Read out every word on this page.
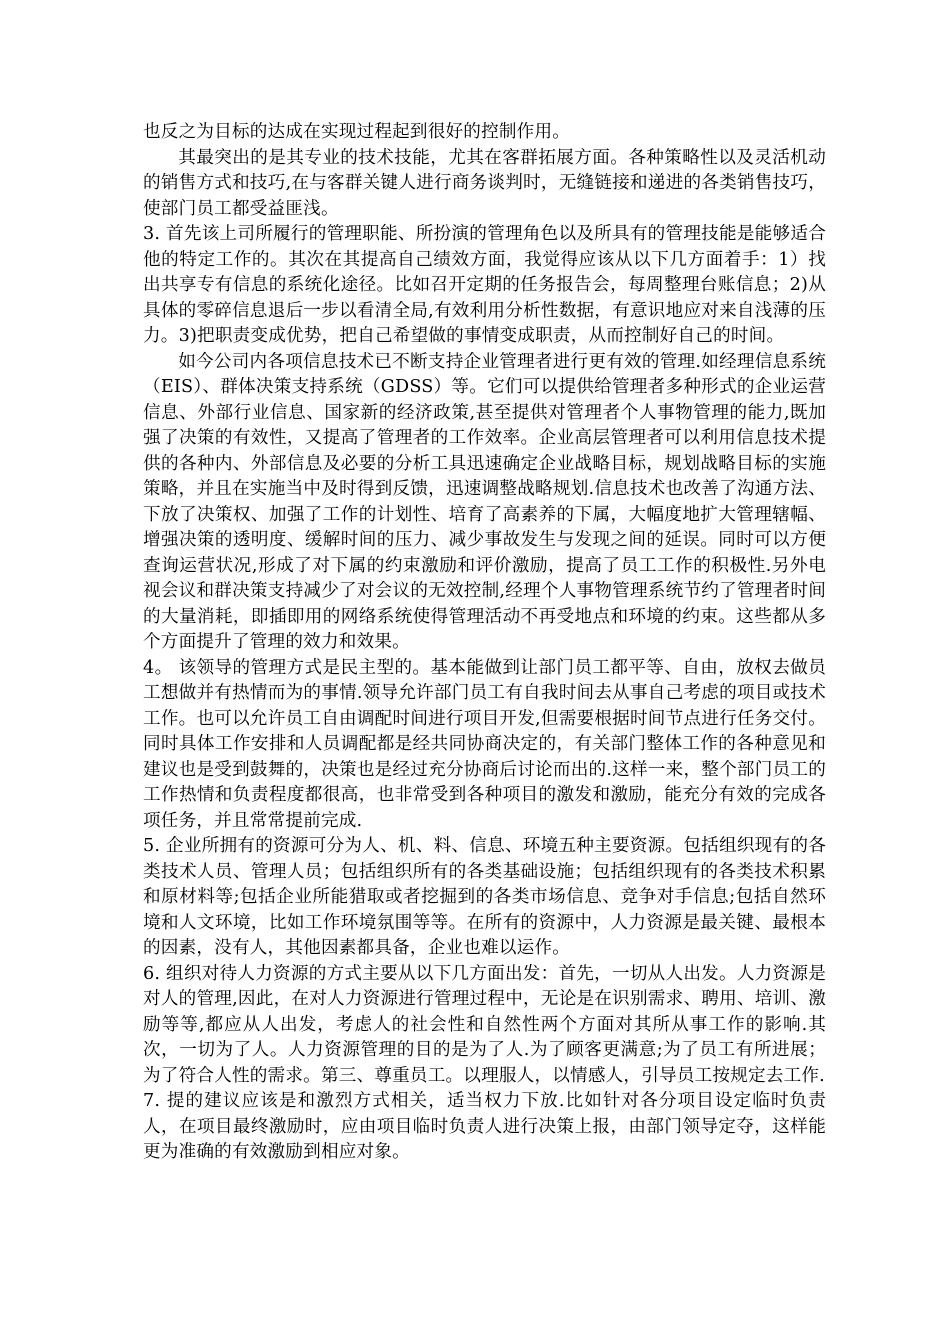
也反之为目标的达成在实现过程起到很好的控制作用。

其最突出的是其专业的技术技能，尤其在客群拓展方面。各种策略性以及灵活机动的销售方式和技巧,在与客群关键人进行商务谈判时，无缝链接和递进的各类销售技巧，使部门员工都受益匪浅。

3. 首先该上司所履行的管理职能、所扮演的管理角色以及所具有的管理技能是能够适合他的特定工作的。其次在其提高自己绩效方面，我觉得应该从以下几方面着手：1）找出共享专有信息的系统化途径。比如召开定期的任务报告会，每周整理台账信息；2)从具体的零碎信息退后一步以看清全局,有效利用分析性数据，有意识地应对来自浅薄的压力。3)把职责变成优势，把自己希望做的事情变成职责，从而控制好自己的时间。

如今公司内各项信息技术已不断支持企业管理者进行更有效的管理.如经理信息系统（EIS）、群体决策支持系统（GDSS）等。它们可以提供给管理者多种形式的企业运营信息、外部行业信息、国家新的经济政策,甚至提供对管理者个人事物管理的能力,既加强了决策的有效性，又提高了管理者的工作效率。企业高层管理者可以利用信息技术提供的各种内、外部信息及必要的分析工具迅速确定企业战略目标，规划战略目标的实施策略，并且在实施当中及时得到反馈，迅速调整战略规划.信息技术也改善了沟通方法、下放了决策权、加强了工作的计划性、培育了高素养的下属，大幅度地扩大管理辖幅、增强决策的透明度、缓解时间的压力、减少事故发生与发现之间的延误。同时可以方便查询运营状况,形成了对下属的约束激励和评价激励，提高了员工工作的积极性.另外电视会议和群决策支持减少了对会议的无效控制,经理个人事物管理系统节约了管理者时间的大量消耗，即插即用的网络系统使得管理活动不再受地点和环境的约束。这些都从多个方面提升了管理的效力和效果。

4。 该领导的管理方式是民主型的。基本能做到让部门员工都平等、自由，放权去做员工想做并有热情而为的事情.领导允许部门员工有自我时间去从事自己考虑的项目或技术工作。也可以允许员工自由调配时间进行项目开发,但需要根据时间节点进行任务交付。同时具体工作安排和人员调配都是经共同协商决定的，有关部门整体工作的各种意见和建议也是受到鼓舞的，决策也是经过充分协商后讨论而出的.这样一来，整个部门员工的工作热情和负责程度都很高，也非常受到各种项目的激发和激励，能充分有效的完成各项任务，并且常常提前完成.

5. 企业所拥有的资源可分为人、机、料、信息、环境五种主要资源。包括组织现有的各类技术人员、管理人员；包括组织所有的各类基础设施；包括组织现有的各类技术积累和原材料等;包括企业所能猎取或者挖掘到的各类市场信息、竞争对手信息;包括自然环境和人文环境，比如工作环境氛围等等。在所有的资源中，人力资源是最关键、最根本的因素，没有人，其他因素都具备，企业也难以运作。

6. 组织对待人力资源的方式主要从以下几方面出发：首先，一切从人出发。人力资源是对人的管理,因此，在对人力资源进行管理过程中，无论是在识别需求、聘用、培训、激励等等,都应从人出发，考虑人的社会性和自然性两个方面对其所从事工作的影响.其次，一切为了人。人力资源管理的目的是为了人.为了顾客更满意;为了员工有所进展；为了符合人性的需求。第三、尊重员工。以理服人，以情感人，引导员工按规定去工作.

7. 提的建议应该是和激烈方式相关，适当权力下放.比如针对各分项目设定临时负责人，在项目最终激励时，应由项目临时负责人进行决策上报，由部门领导定夺，这样能更为准确的有效激励到相应对象。
